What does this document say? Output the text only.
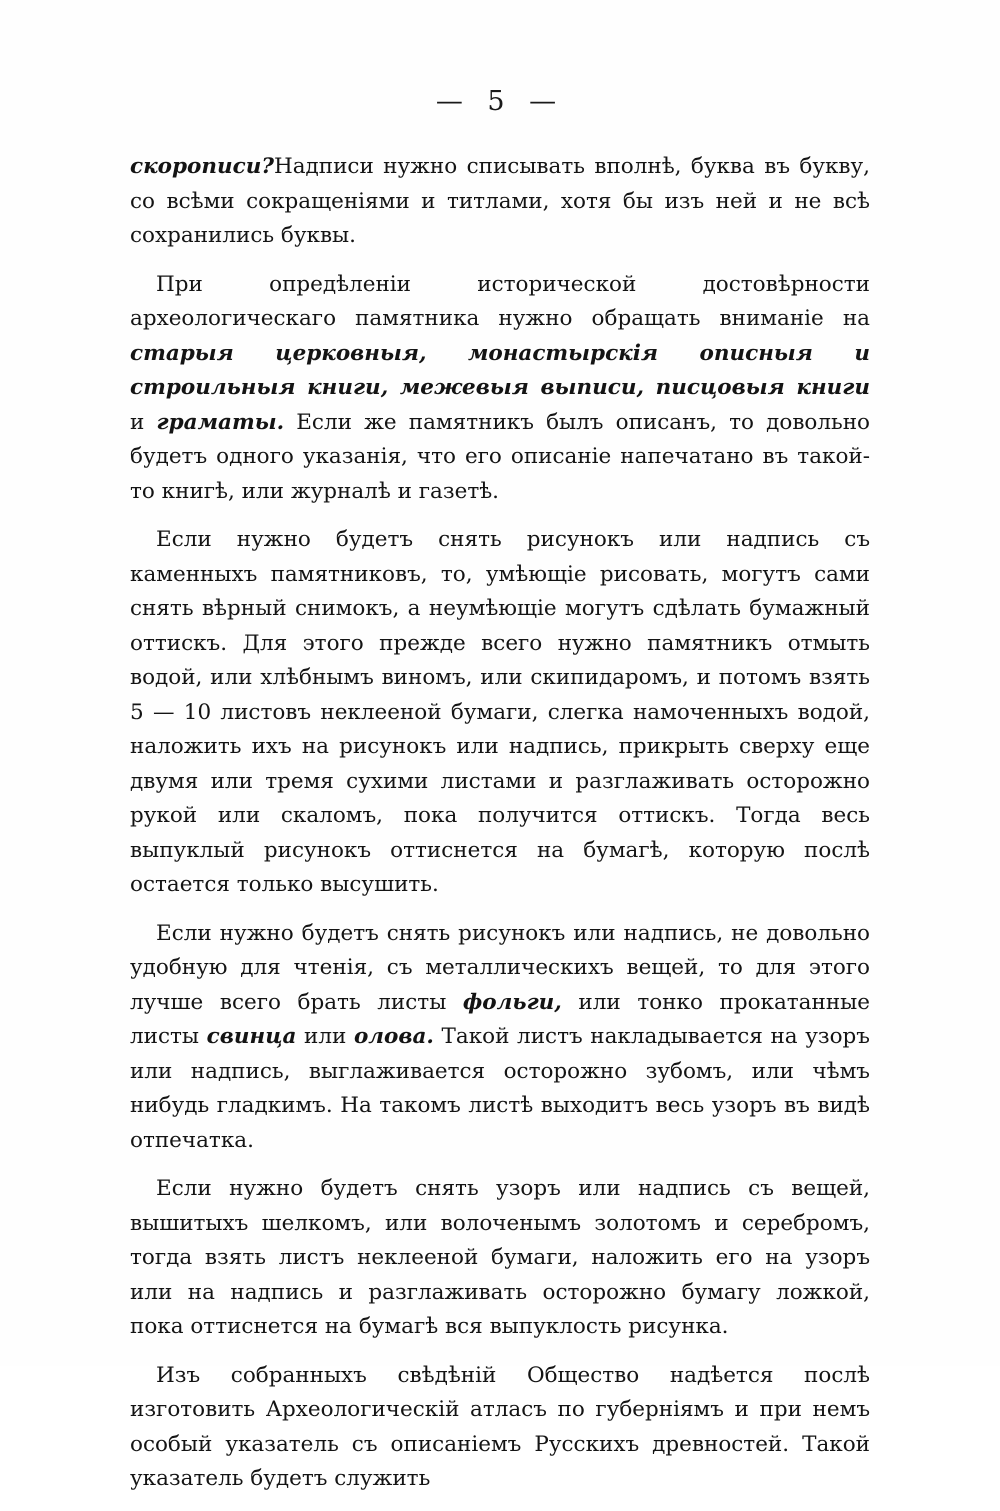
— 5 —

скорописи?Надписи нужно списывать вполнѣ, буква въ букву, со всѣми сокращеніями и титлами, хотя бы изъ ней и не всѣ сохранились буквы.

При опредѣленіи исторической достовѣрности археологическаго памятника нужно обращать вниманіе на старыя церковныя, монастырскія описныя и строильныя книги, межевыя выписи, писцовыя книги и граматы. Если же памятникъ былъ описанъ, то довольно будетъ одного указанія, что его описаніе напечатано въ такой-то книгѣ, или журналѣ и газетѣ.

Если нужно будетъ снять рисунокъ или надпись съ каменныхъ памятниковъ, то, умѣющіе рисовать, могутъ сами снять вѣрный снимокъ, а неумѣющіе могутъ сдѣлать бумажный оттискъ. Для этого прежде всего нужно памятникъ отмыть водой, или хлѣбнымъ виномъ, или скипидаромъ, и потомъ взять 5 — 10 листовъ неклееной бумаги, слегка намоченныхъ водой, наложить ихъ на рисунокъ или надпись, прикрыть сверху еще двумя или тремя сухими листами и разглаживать осторожно рукой или скаломъ, пока получится оттискъ. Тогда весь выпуклый рисунокъ оттиснется на бумагѣ, которую послѣ остается только высушить.

Если нужно будетъ снять рисунокъ или надпись, не довольно удобную для чтенія, съ металлическихъ вещей, то для этого лучше всего брать листы фольги, или тонко прокатанные листы свинца или олова. Такой листъ накладывается на узоръ или надпись, выглаживается осторожно зубомъ, или чѣмъ нибудь гладкимъ. На такомъ листѣ выходитъ весь узоръ въ видѣ отпечатка.

Если нужно будетъ снять узоръ или надпись съ вещей, вышитыхъ шелкомъ, или волоченымъ золотомъ и серебромъ, тогда взять листъ неклееной бумаги, наложить его на узоръ или на надпись и разглаживать осторожно бумагу ложкой, пока оттиснется на бумагѣ вся выпуклость рисунка.

Изъ собранныхъ свѣдѣній Общество надѣется послѣ изготовить Археологическій атласъ по губерніямъ и при немъ особый указатель съ описаніемъ Русскихъ древностей. Такой указатель будетъ служить
